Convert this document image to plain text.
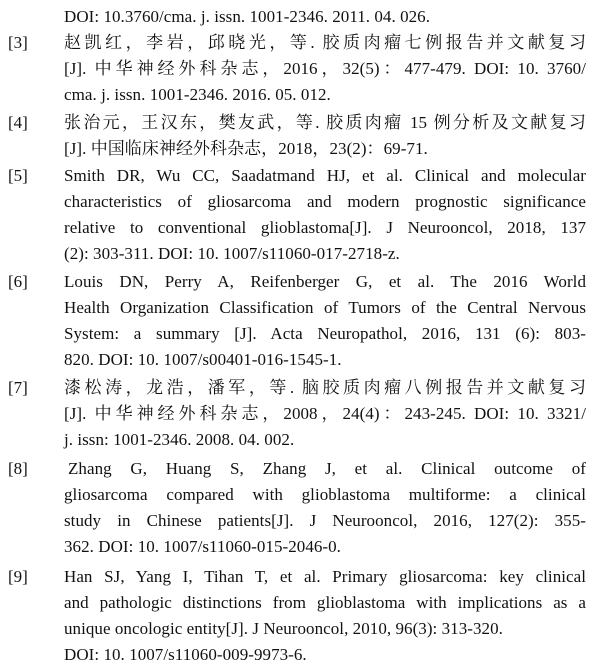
DOI: 10.3760/cma. j. issn. 1001-2346. 2011. 04. 026.
[3] 赵凯红，李岩，邱晓光，等. 胶质肉瘤七例报告并文献复习
[J]. 中华神经外科杂志，2016，32(5)：477-479. DOI: 10. 3760/
cma. j. issn. 1001-2346. 2016. 05. 012.
[4] 张治元，王汉东，樊友武，等. 胶质肉瘤 15 例分析及文献复习
[J]. 中国临床神经外科杂志，2018，23(2)：69-71.
[5] Smith DR, Wu CC, Saadatmand HJ, et al. Clinical and molecular
characteristics of gliosarcoma and modern prognostic significance
relative to conventional glioblastoma[J]. J Neurooncol, 2018, 137
(2): 303-311. DOI: 10. 1007/s11060-017-2718-z.
[6] Louis DN, Perry A, Reifenberger G, et al. The 2016 World
Health Organization Classification of Tumors of the Central Nervous
System: a summary [J]. Acta Neuropathol, 2016, 131 (6): 803-
820. DOI: 10. 1007/s00401-016-1545-1.
[7] 漆松涛，龙浩，潘军，等. 脑胶质肉瘤八例报告并文献复习
[J]. 中华神经外科杂志，2008，24(4)：243-245. DOI: 10. 3321/
j. issn: 1001-2346. 2008. 04. 002.
[8] Zhang G, Huang S, Zhang J, et al. Clinical outcome of
gliosarcoma compared with glioblastoma multiforme: a clinical
study in Chinese patients[J]. J Neurooncol, 2016, 127(2): 355-
362. DOI: 10. 1007/s11060-015-2046-0.
[9] Han SJ, Yang I, Tihan T, et al. Primary gliosarcoma: key clinical
and pathologic distinctions from glioblastoma with implications as a
unique oncologic entity[J]. J Neurooncol, 2010, 96(3): 313-320.
DOI: 10. 1007/s11060-009-9973-6.
